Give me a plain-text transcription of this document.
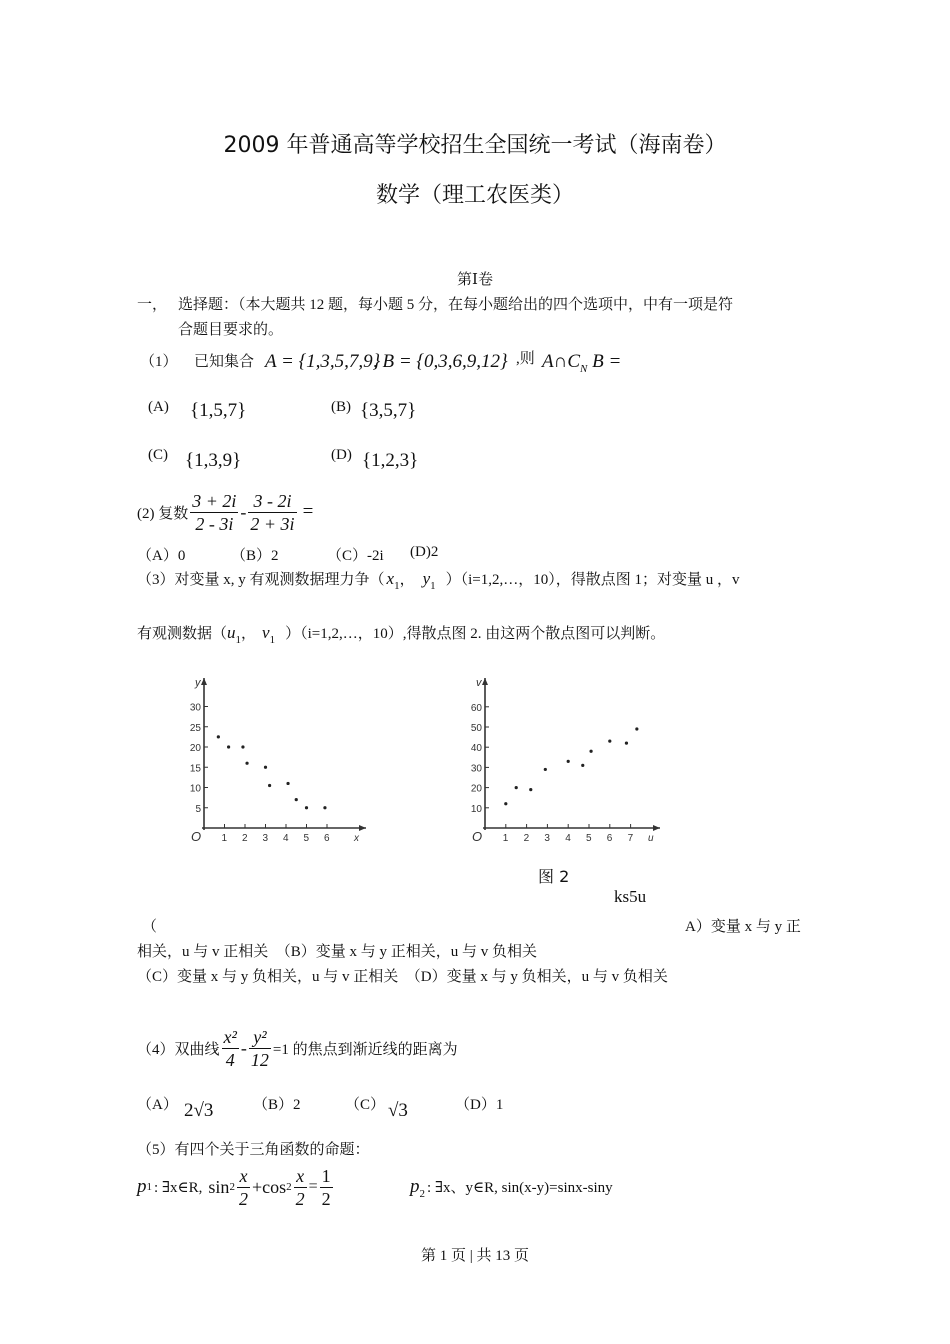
2009 年普通高等学校招生全国统一考试（海南卷）
数学（理工农医类）
第Ⅰ卷
一， 选择题：（本大题共 12 题，每小题 5 分，在每小题给出的四个选项中，中有一项是符
合题目要求的。
（1） 已知集合 A = {1,3,5,7,9}
, B = {0,3,6,9,12} ,则 $A\cap C_N$ B =
(A) {1,5,7}	(B) {3,5,7}
(C) {1,3,9}	(D) {1,2,3}
(2) 复数 $\frac{3 + 2i}{2 - 3i} - \frac{3 - 2i}{2 + 3i}$ =
（A）0	（B）2	（C）-2i (D)2
（3）对变量 x, y 有观测数据理力争（ $x_1$， $y_1$ ）（i=1,2,…，10），得散点图 1；对变量 u ，v
有观测数据（$u_1$， $v_1$ ）（i=1,2,…，10）,得散点图 2. 由这两个散点图可以判断。
O	x
y
1 2 3 4 5 6
5
10
15
20
25
30
O	u
v
1 2 3 4 5 6 7
10
20
30
40
50
60
图 2
ks5u
（	A）变量 x 与 y 正
相关，u 与 v 正相关　（B）变量 x 与 y 正相关，u 与 v 负相关
（C）变量 x 与 y 负相关，u 与 v 正相关　（D）变量 x 与 y 负相关，u 与 v 负相关
（4）双曲线 $\frac{\text{x²}}{4} - \frac{\text{y²}}{12} =1$ 的焦点到渐近线的距离为
（A） 2√3	（B）2	（C） √3	（D）1
（5）有四个关于三角函数的命题：
p 1 : ∃x∈R, $\sin 2 \frac{x}{2} +\cos$ $2 \frac{x}{2} = \frac{1}{2}$	$p_2$ : ∃x、y∈R, sin(x-y)=sinx-siny
第 1 页 | 共 13 页
